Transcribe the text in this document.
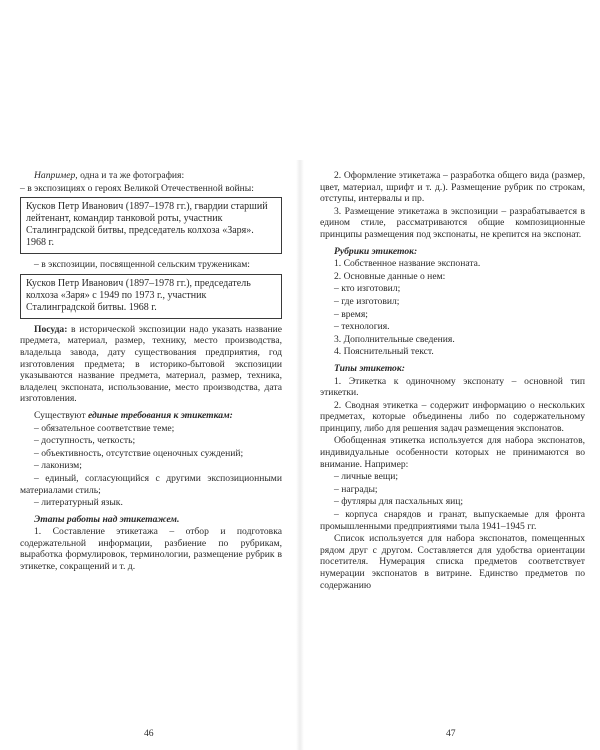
Например, одна и та же фотография:

– в экспозициях о героях Великой Отечественной войны:

Кусков Петр Иванович (1897–1978 гг.), гвардии старший лейтенант, командир танковой роты, участник Сталинградской битвы, председатель колхоза «Заря». 1968 г.

– в экспозиции, посвященной сельским труженикам:

Кусков Петр Иванович (1897–1978 гг.), председатель колхоза «Заря» с 1949 по 1973 г., участник Сталинградской битвы. 1968 г.

Посуда: в исторической экспозиции надо указать название предмета, материал, размер, технику, место производства, владельца завода, дату существования предприятия, год изготовления предмета; в историко-бытовой экспозиции указываются название предмета, материал, размер, техника, владелец экспоната, использование, место производства, дата изготовления.

Существуют единые требования к этикеткам:

– обязательное соответствие теме;

– доступность, четкость;

– объективность, отсутствие оценочных суждений;

– лаконизм;

– единый, согласующийся с другими экспозиционными материалами стиль;

– литературный язык.

Этапы работы над этикетажем.

1. Составление этикетажа – отбор и подготовка содержательной информации, разбиение по рубрикам, выработка формулировок, терминологии, размещение рубрик в этикетке, сокращений и т. д.

46

2. Оформление этикетажа – разработка общего вида (размер, цвет, материал, шрифт и т. д.). Размещение рубрик по строкам, отступы, интервалы и пр.

3. Размещение этикетажа в экспозиции – разрабатывается в едином стиле, рассматриваются общие композиционные принципы размещения под экспонаты, не крепится на экспонат.

Рубрики этикеток:

1. Собственное название экспоната.

2. Основные данные о нем:

– кто изготовил;

– где изготовил;

– время;

– технология.

3. Дополнительные сведения.

4. Пояснительный текст.

Типы этикеток:

1. Этикетка к одиночному экспонату – основной тип этикетки.

2. Сводная этикетка – содержит информацию о нескольких предметах, которые объединены либо по содержательному принципу, либо для решения задач размещения экспонатов.

Обобщенная этикетка используется для набора экспонатов, индивидуальные особенности которых не принимаются во внимание. Например:

– личные вещи;

– награды;

– футляры для пасхальных яиц;

– корпуса снарядов и гранат, выпускаемые для фронта промышленными предприятиями тыла 1941–1945 гг.

Список используется для набора экспонатов, помещенных рядом друг с другом. Составляется для удобства ориентации посетителя. Нумерация списка предметов соответствует нумерации экспонатов в витрине. Единство предметов по содержанию

47
